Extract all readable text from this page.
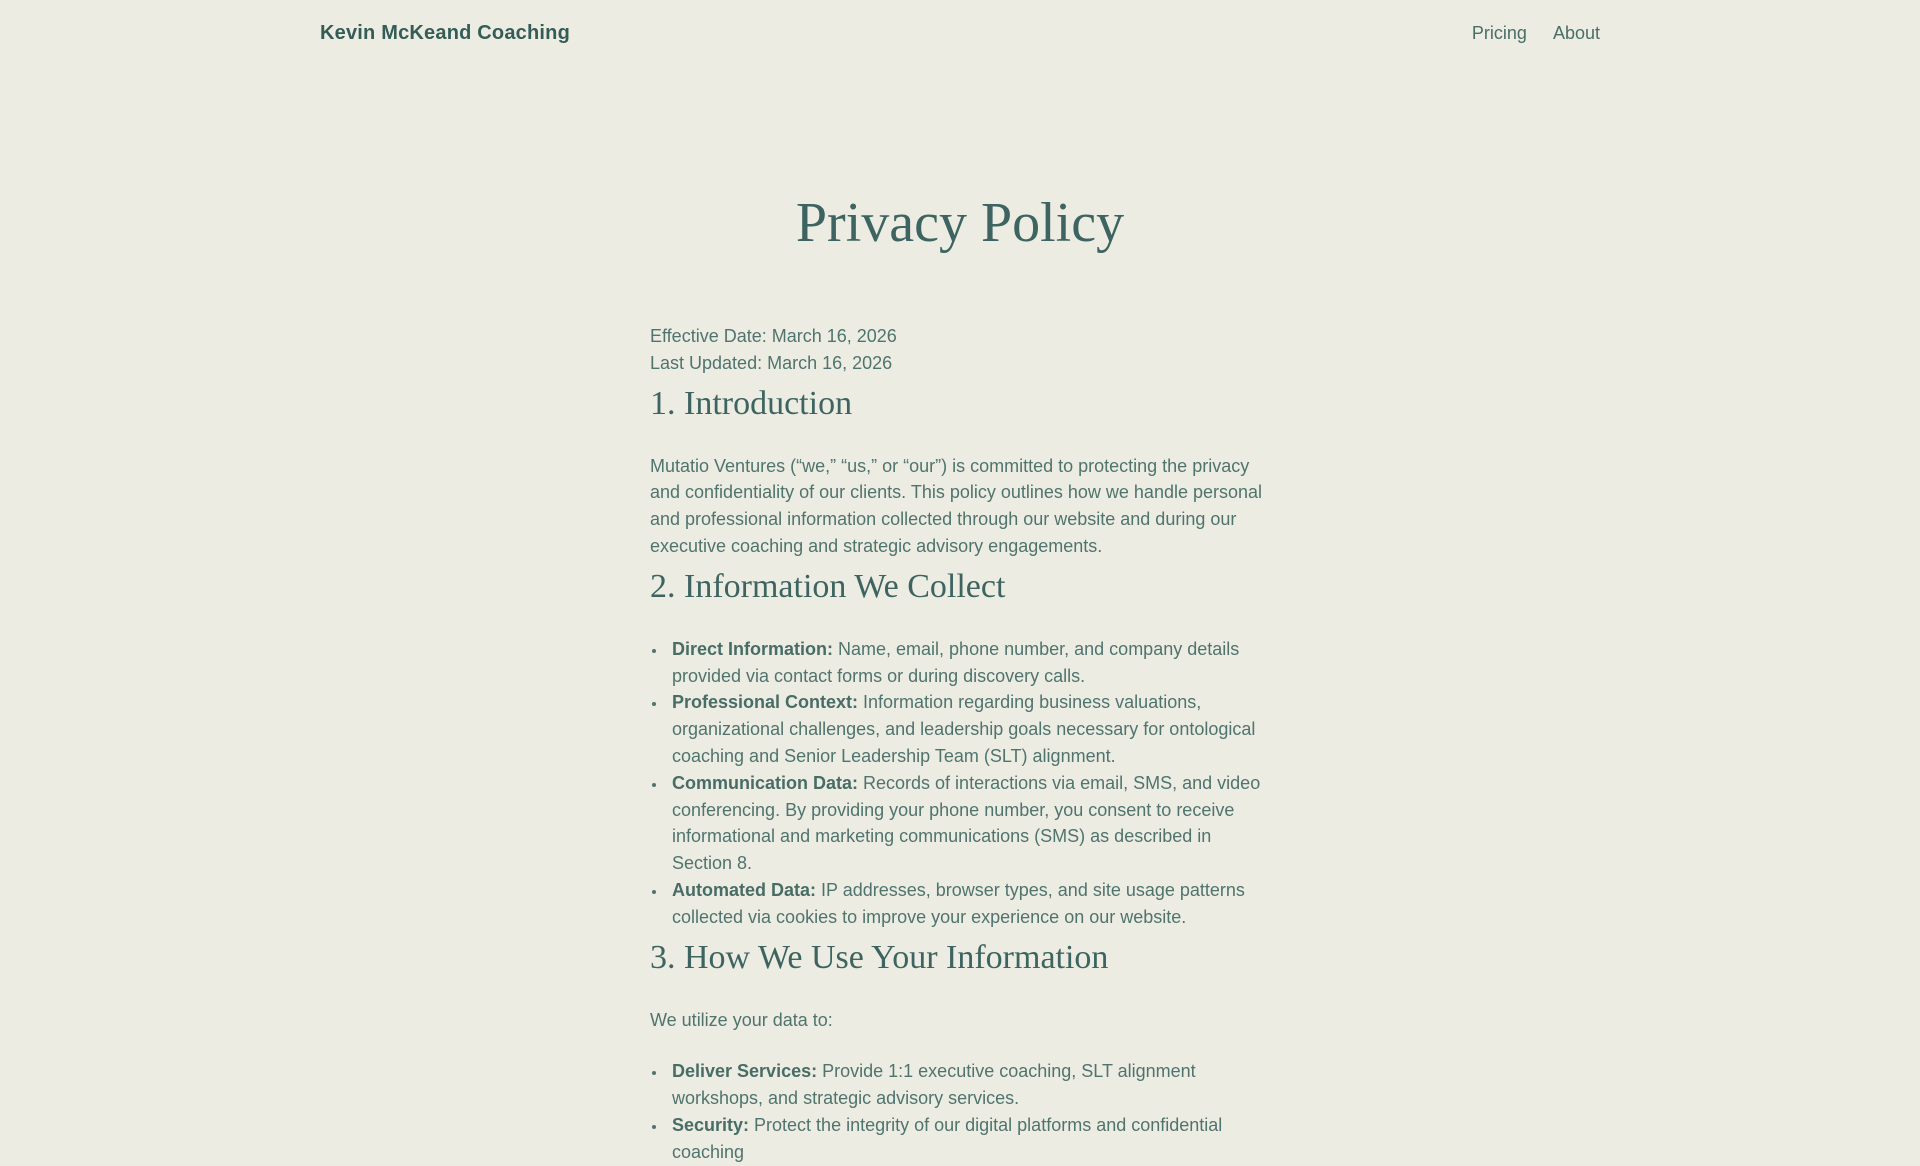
Kevin McKeand Coaching	Pricing About
Privacy Policy

Effective Date: March 16, 2026
Last Updated: March 16, 2026

1. Introduction

Mutatio Ventures (“we,” “us,” or “our”) is committed to protecting the privacy and confidentiality of our clients. This policy outlines how we handle personal and professional information collected through our website and during our executive coaching and strategic advisory engagements.

2. Information We Collect
• Direct Information: Name, email, phone number, and company details provided via contact forms or during discovery calls.
• Professional Context: Information regarding business valuations, organizational challenges, and leadership goals necessary for ontological coaching and Senior Leadership Team (SLT) alignment.
• Communication Data: Records of interactions via email, SMS, and video conferencing. By providing your phone number, you consent to receive informational and marketing communications (SMS) as described in Section 8.
• Automated Data: IP addresses, browser types, and site usage patterns collected via cookies to improve your experience on our website.
3. How We Use Your Information

We utilize your data to:

• Deliver Services: Provide 1:1 executive coaching, SLT alignment workshops, and strategic advisory services.
• Security: Protect the integrity of our digital platforms and confidential coaching
